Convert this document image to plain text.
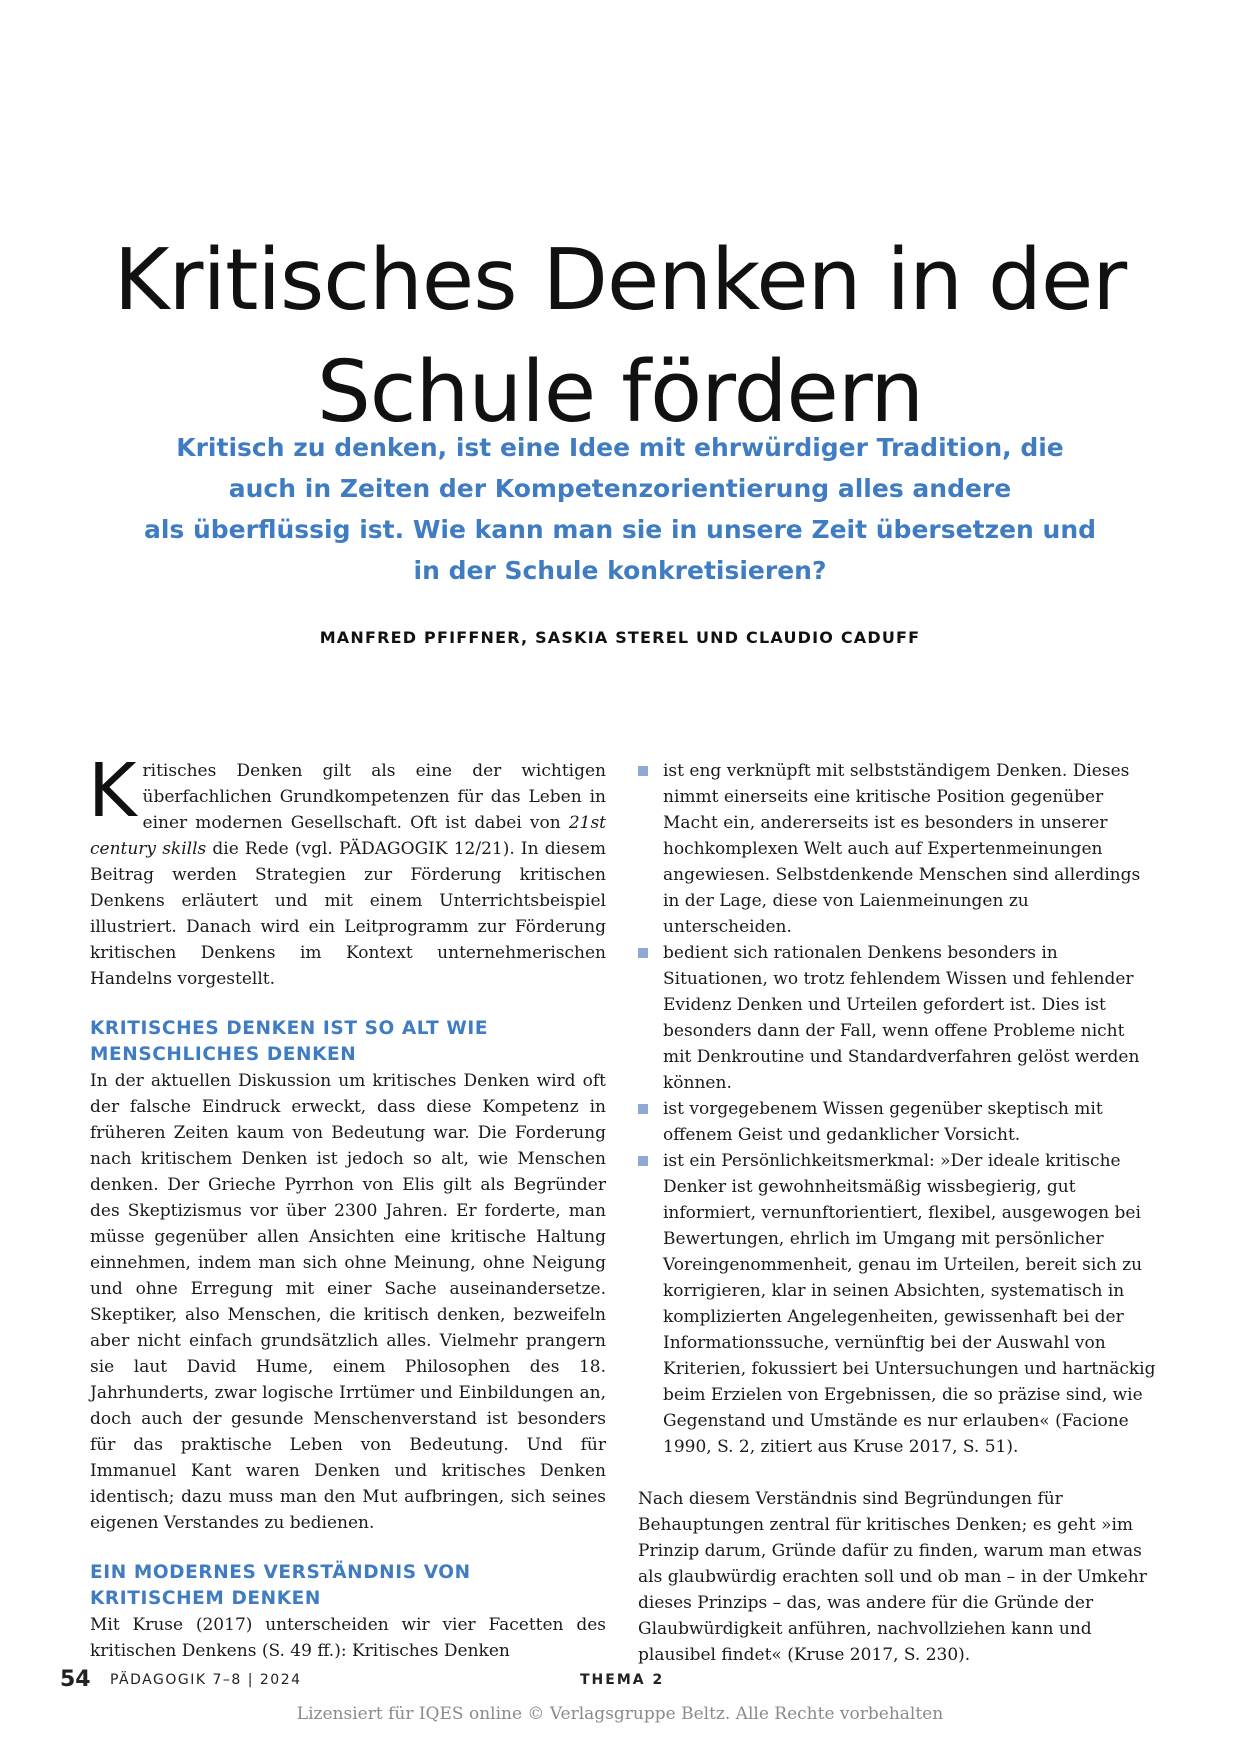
Kritisches Denken in der
Schule fördern
Kritisch zu denken, ist eine Idee mit ehrwürdiger Tradition, die
auch in Zeiten der Kompetenzorientierung alles andere
als überflüssig ist. Wie kann man sie in unsere Zeit übersetzen und
in der Schule konkretisieren?
MANFRED PFIFFNER, SASKIA STEREL UND CLAUDIO CADUFF

Kritisches Denken gilt als eine der wichtigen überfachlichen Grundkompetenzen für das Leben in einer modernen Gesellschaft. Oft ist dabei von 21st century skills die Rede (vgl. PÄDAGOGIK 12/21). In diesem Beitrag werden Strategien zur Förderung kritischen Denkens erläutert und mit einem Unterrichtsbeispiel illustriert. Danach wird ein Leitprogramm zur Förderung kritischen Denkens im Kontext unternehmerischen Handelns vorgestellt.

KRITISCHES DENKEN IST SO ALT WIE
MENSCHLICHES DENKEN

In der aktuellen Diskussion um kritisches Denken wird oft der falsche Eindruck erweckt, dass diese Kompetenz in früheren Zeiten kaum von Bedeutung war. Die Forderung nach kritischem Denken ist jedoch so alt, wie Menschen denken. Der Grieche Pyrrhon von Elis gilt als Begründer des Skeptizismus vor über 2300 Jahren. Er forderte, man müsse gegenüber allen Ansichten eine kritische Haltung einnehmen, indem man sich ohne Meinung, ohne Neigung und ohne Erregung mit einer Sache auseinandersetze. Skeptiker, also Menschen, die kritisch denken, bezweifeln aber nicht einfach grundsätzlich alles. Vielmehr prangern sie laut David Hume, einem Philosophen des 18. Jahrhunderts, zwar logische Irrtümer und Einbildungen an, doch auch der gesunde Menschenverstand ist besonders für das praktische Leben von Bedeutung. Und für Immanuel Kant waren Denken und kritisches Denken identisch; dazu muss man den Mut aufbringen, sich seines eigenen Verstandes zu bedienen.

EIN MODERNES VERSTÄNDNIS VON
KRITISCHEM DENKEN

Mit Kruse (2017) unterscheiden wir vier Facetten des kritischen Denkens (S. 49 ff.): Kritisches Denken

ist eng verknüpft mit selbstständigem Denken. Dieses nimmt einerseits eine kritische Position gegenüber Macht ein, andererseits ist es besonders in unserer hochkomplexen Welt auch auf Expertenmeinungen angewiesen. Selbstdenkende Menschen sind allerdings in der Lage, diese von Laienmeinungen zu unterscheiden.
bedient sich rationalen Denkens besonders in Situationen, wo trotz fehlendem Wissen und fehlender Evidenz Denken und Urteilen gefordert ist. Dies ist besonders dann der Fall, wenn offene Probleme nicht mit Denkroutine und Standardverfahren gelöst werden können.
ist vorgegebenem Wissen gegenüber skeptisch mit offenem Geist und gedanklicher Vorsicht.
ist ein Persönlichkeitsmerkmal: »Der ideale kritische Denker ist gewohnheitsmäßig wissbegierig, gut informiert, vernunftorientiert, flexibel, ausgewogen bei Bewertungen, ehrlich im Umgang mit persönlicher Voreingenommenheit, genau im Urteilen, bereit sich zu korrigieren, klar in seinen Absichten, systematisch in komplizierten Angelegenheiten, gewissenhaft bei der Informationssuche, vernünftig bei der Auswahl von Kriterien, fokussiert bei Untersuchungen und hartnäckig beim Erzielen von Ergebnissen, die so präzise sind, wie Gegenstand und Umstände es nur erlauben« (Facione 1990, S. 2, zitiert aus Kruse 2017, S. 51).

Nach diesem Verständnis sind Begründungen für Behauptungen zentral für kritisches Denken; es geht »im Prinzip darum, Gründe dafür zu finden, warum man etwas als glaubwürdig erachten soll und ob man – in der Umkehr dieses Prinzips – das, was andere für die Gründe der Glaubwürdigkeit anführen, nachvollziehen kann und plausibel findet« (Kruse 2017, S. 230).

54 PÄDAGOGIK 7–8 | 2024	THEMA 2
Lizensiert für IQES online © Verlagsgruppe Beltz. Alle Rechte vorbehalten
